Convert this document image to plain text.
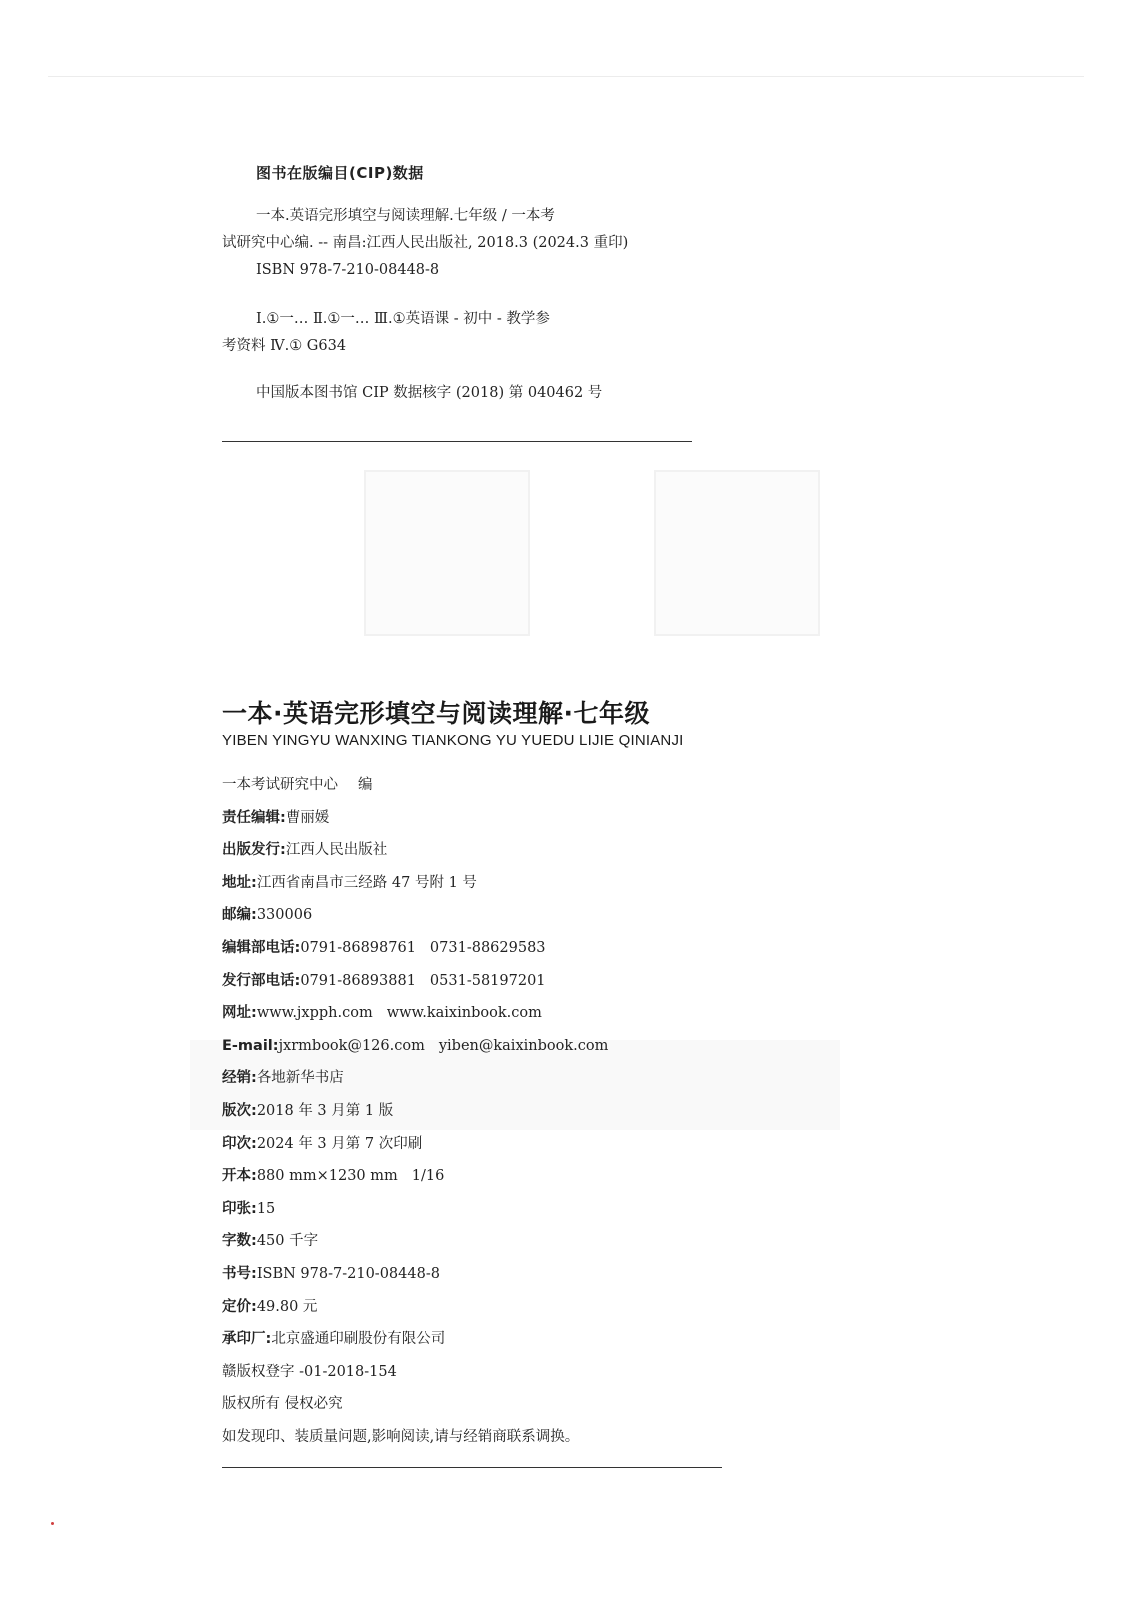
图书在版编目(CIP)数据
一本.英语完形填空与阅读理解.七年级 / 一本考
试研究中心编. -- 南昌:江西人民出版社, 2018.3 (2024.3 重印)
ISBN 978-7-210-08448-8
Ⅰ.①一… Ⅱ.①一… Ⅲ.①英语课 - 初中 - 教学参
考资料 Ⅳ.① G634
中国版本图书馆 CIP 数据核字 (2018) 第 040462 号
一本·英语完形填空与阅读理解·七年级
YIBEN YINGYU WANXING TIANKONG YU YUEDU LIJIE QINIANJI
一本考试研究中心 编
责任编辑:曹丽媛
出版发行:江西人民出版社
地址:江西省南昌市三经路 47 号附 1 号
邮编:330006
编辑部电话:0791-86898761 0731-88629583
发行部电话:0791-86893881 0531-58197201
网址:www.jxpph.com www.kaixinbook.com
E-mail:jxrmbook@126.com yiben@kaixinbook.com
经销:各地新华书店
版次:2018 年 3 月第 1 版
印次:2024 年 3 月第 7 次印刷
开本:880 mm×1230 mm 1/16
印张:15
字数:450 千字
书号:ISBN 978-7-210-08448-8
定价:49.80 元
承印厂:北京盛通印刷股份有限公司
赣版权登字 -01-2018-154
版权所有 侵权必究
如发现印、装质量问题,影响阅读,请与经销商联系调换。
